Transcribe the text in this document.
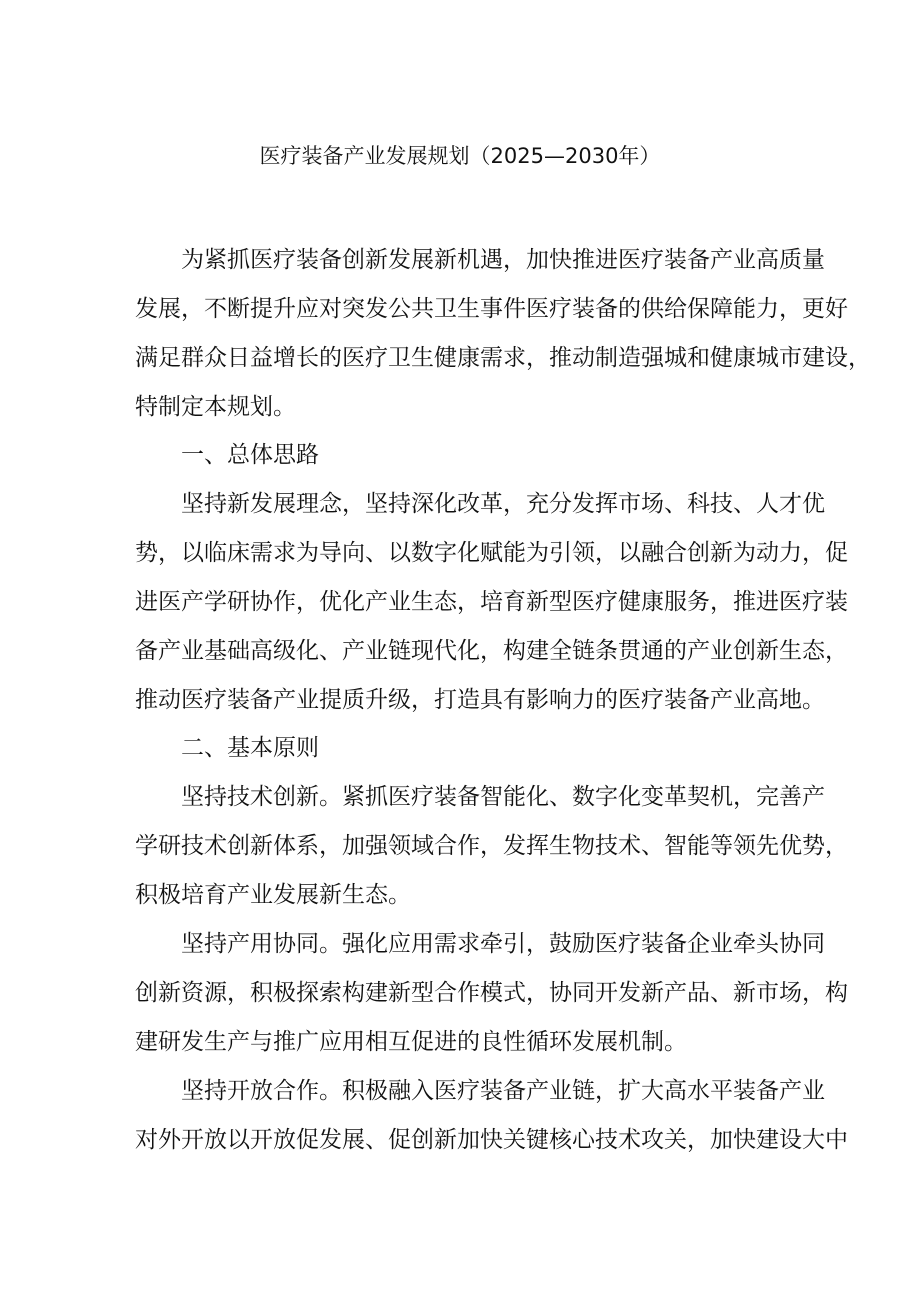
医疗装备产业发展规划（2025—2030年）
为紧抓医疗装备创新发展新机遇，加快推进医疗装备产业高质量
发展，不断提升应对突发公共卫生事件医疗装备的供给保障能力，更好
满足群众日益增长的医疗卫生健康需求，推动制造强城和健康城市建设，
特制定本规划。
一、总体思路
坚持新发展理念，坚持深化改革，充分发挥市场、科技、人才优
势，以临床需求为导向、以数字化赋能为引领，以融合创新为动力，促
进医产学研协作，优化产业生态，培育新型医疗健康服务，推进医疗装
备产业基础高级化、产业链现代化，构建全链条贯通的产业创新生态，
推动医疗装备产业提质升级，打造具有影响力的医疗装备产业高地。
二、基本原则
坚持技术创新。紧抓医疗装备智能化、数字化变革契机，完善产
学研技术创新体系，加强领域合作，发挥生物技术、智能等领先优势，
积极培育产业发展新生态。
坚持产用协同。强化应用需求牵引，鼓励医疗装备企业牵头协同
创新资源，积极探索构建新型合作模式，协同开发新产品、新市场，构
建研发生产与推广应用相互促进的良性循环发展机制。
坚持开放合作。积极融入医疗装备产业链，扩大高水平装备产业
对外开放以开放促发展、促创新加快关键核心技术攻关，加快建设大中
